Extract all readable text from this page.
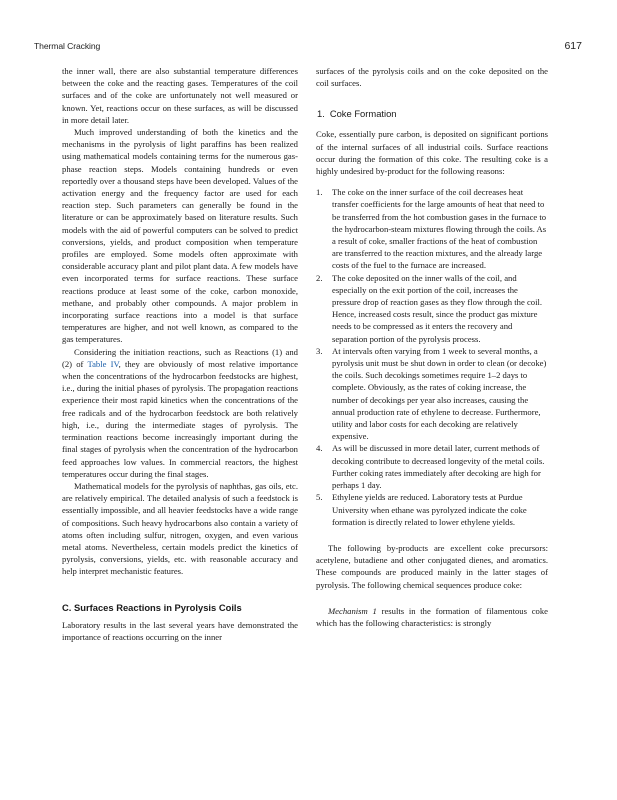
Thermal Cracking	617

the inner wall, there are also substantial temperature differences between the coke and the reacting gases. Temperatures of the coil surfaces and of the coke are unfortunately not well measured or known. Yet, reactions occur on these surfaces, as will be discussed in more detail later.

Much improved understanding of both the kinetics and the mechanisms in the pyrolysis of light paraffins has been realized using mathematical models containing terms for the numerous gas-phase reaction steps. Models containing hundreds or even reportedly over a thousand steps have been developed. Values of the activation energy and the frequency factor are used for each reaction step. Such parameters can generally be found in the literature or can be approximately based on literature results. Such models with the aid of powerful computers can be solved to predict conversions, yields, and product composition when temperature profiles are employed. Some models often approximate with considerable accuracy plant and pilot plant data. A few models have even incorporated terms for surface reactions. These surface reactions produce at least some of the coke, carbon monoxide, methane, and probably other compounds. A major problem in incorporating surface reactions into a model is that surface temperatures are higher, and not well known, as compared to the gas temperatures.

Considering the initiation reactions, such as Reactions (1) and (2) of Table IV, they are obviously of most relative importance when the concentrations of the hydrocarbon feedstocks are highest, i.e., during the initial phases of pyrolysis. The propagation reactions experience their most rapid kinetics when the concentrations of the free radicals and of the hydrocarbon feedstock are both relatively high, i.e., during the intermediate stages of pyrolysis. The termination reactions become increasingly important during the final stages of pyrolysis when the concentration of the hydrocarbon feed approaches low values. In commercial reactors, the highest temperatures occur during the final stages.

Mathematical models for the pyrolysis of naphthas, gas oils, etc. are relatively empirical. The detailed analysis of such a feedstock is essentially impossible, and all heavier feedstocks have a wide range of compositions. Such heavy hydrocarbons also contain a variety of atoms often including sulfur, nitrogen, oxygen, and even various metal atoms. Nevertheless, certain models predict the kinetics of pyrolysis, conversions, yields, etc. with reasonable accuracy and help interpret mechanistic features.

C. Surfaces Reactions in Pyrolysis Coils

Laboratory results in the last several years have demonstrated the importance of reactions occurring on the inner

surfaces of the pyrolysis coils and on the coke deposited on the coil surfaces.

1. Coke Formation

Coke, essentially pure carbon, is deposited on significant portions of the internal surfaces of all industrial coils. Surface reactions occur during the formation of this coke. The resulting coke is a highly undesired by-product for the following reasons:

1. The coke on the inner surface of the coil decreases heat transfer coefficients for the large amounts of heat that need to be transferred from the hot combustion gases in the furnace to the hydrocarbon-steam mixtures flowing through the coils. As a result of coke, smaller fractions of the heat of combustion are transferred to the reaction mixtures, and the already large costs of the fuel to the furnace are increased.
2. The coke deposited on the inner walls of the coil, and especially on the exit portion of the coil, increases the pressure drop of reaction gases as they flow through the coil. Hence, increased costs result, since the product gas mixture needs to be compressed as it enters the recovery and separation portion of the pyrolysis process.
3. At intervals often varying from 1 week to several months, a pyrolysis unit must be shut down in order to clean (or decoke) the coils. Such decokings sometimes require 1–2 days to complete. Obviously, as the rates of coking increase, the number of decokings per year also increases, causing the annual production rate of ethylene to decrease. Furthermore, utility and labor costs for each decoking are relatively expensive.
4. As will be discussed in more detail later, current methods of decoking contribute to decreased longevity of the metal coils. Further coking rates immediately after decoking are high for perhaps 1 day.
5. Ethylene yields are reduced. Laboratory tests at Purdue University when ethane was pyrolyzed indicate the coke formation is directly related to lower ethylene yields.

The following by-products are excellent coke precursors: acetylene, butadiene and other conjugated dienes, and aromatics. These compounds are produced mainly in the latter stages of pyrolysis. The following chemical sequences produce coke:

Mechanism 1 results in the formation of filamentous coke which has the following characteristics: is strongly
